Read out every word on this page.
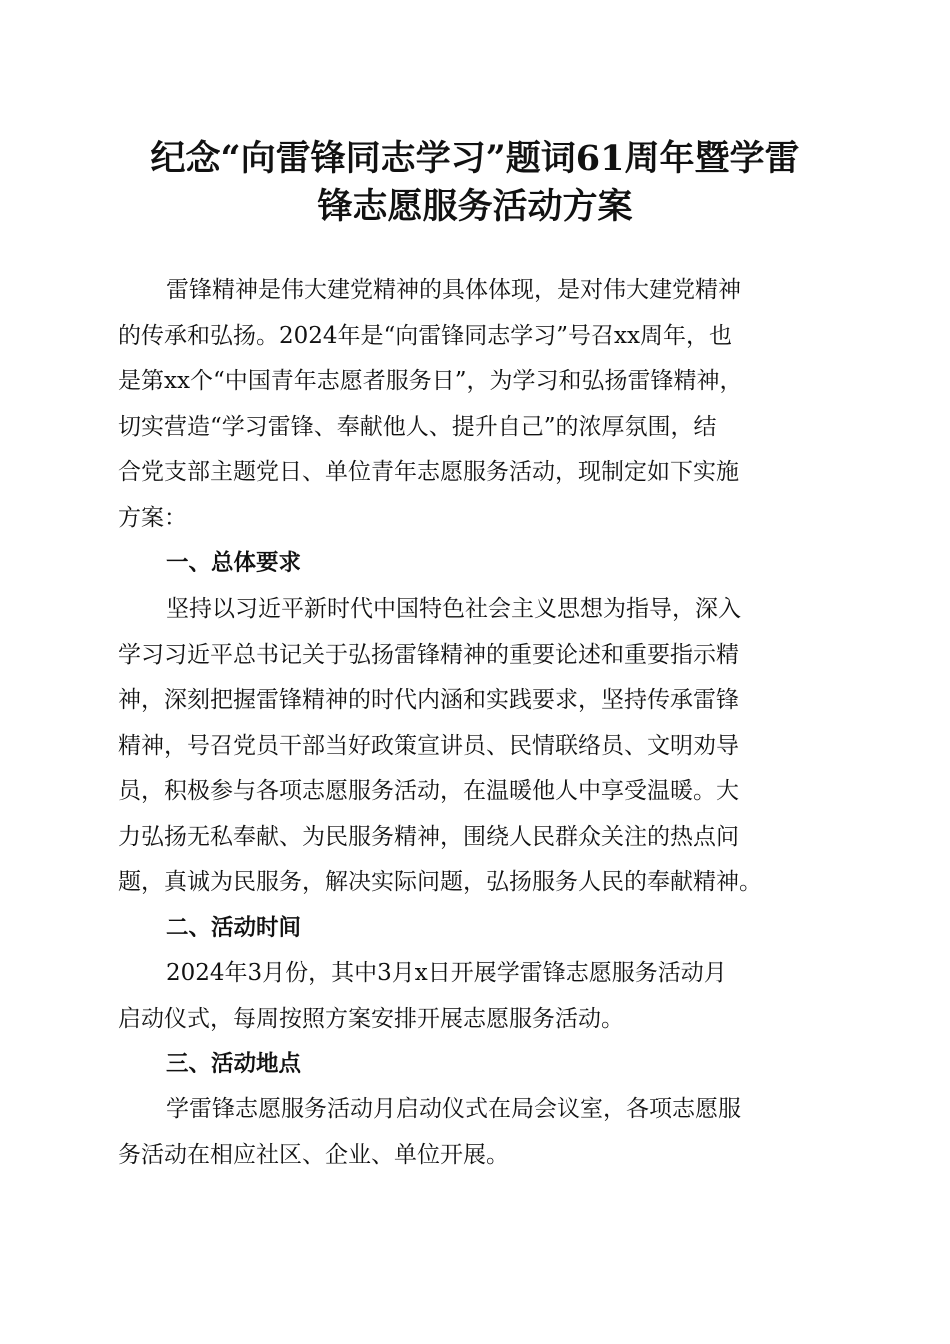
纪念“向雷锋同志学习”题词61周年暨学雷
锋志愿服务活动方案
雷锋精神是伟大建党精神的具体体现，是对伟大建党精神
的传承和弘扬。2024年是“向雷锋同志学习”号召xx周年，也
是第xx个“中国青年志愿者服务日”，为学习和弘扬雷锋精神，
切实营造“学习雷锋、奉献他人、提升自己”的浓厚氛围，结
合党支部主题党日、单位青年志愿服务活动，现制定如下实施
方案：
一、总体要求
坚持以习近平新时代中国特色社会主义思想为指导，深入
学习习近平总书记关于弘扬雷锋精神的重要论述和重要指示精
神，深刻把握雷锋精神的时代内涵和实践要求，坚持传承雷锋
精神，号召党员干部当好政策宣讲员、民情联络员、文明劝导
员，积极参与各项志愿服务活动，在温暖他人中享受温暖。大
力弘扬无私奉献、为民服务精神，围绕人民群众关注的热点问
题，真诚为民服务，解决实际问题，弘扬服务人民的奉献精神。
二、活动时间
2024年3月份，其中3月x日开展学雷锋志愿服务活动月
启动仪式，每周按照方案安排开展志愿服务活动。
三、活动地点
学雷锋志愿服务活动月启动仪式在局会议室，各项志愿服
务活动在相应社区、企业、单位开展。
